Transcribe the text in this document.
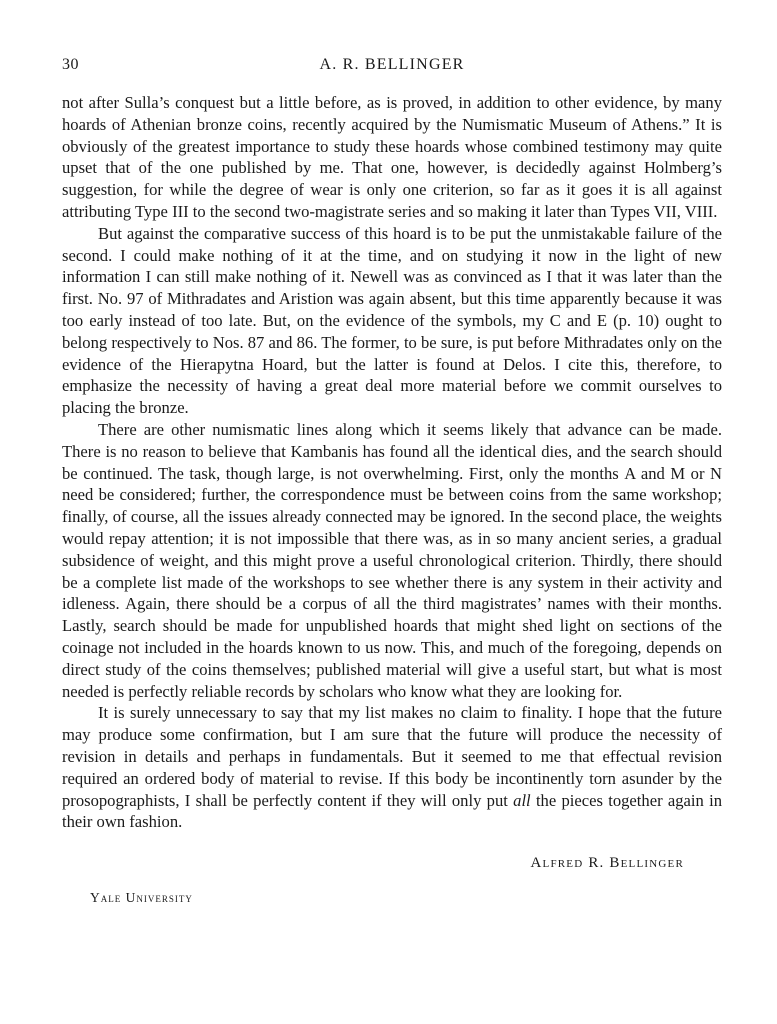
30	A. R. BELLINGER

not after Sulla’s conquest but a little before, as is proved, in addition to other evidence, by many hoards of Athenian bronze coins, recently acquired by the Numismatic Museum of Athens.” It is obviously of the greatest importance to study these hoards whose combined testimony may quite upset that of the one published by me. That one, however, is decidedly against Holmberg’s suggestion, for while the degree of wear is only one criterion, so far as it goes it is all against attributing Type III to the second two-magistrate series and so making it later than Types VII, VIII.

But against the comparative success of this hoard is to be put the unmistakable failure of the second. I could make nothing of it at the time, and on studying it now in the light of new information I can still make nothing of it. Newell was as convinced as I that it was later than the first. No. 97 of Mithradates and Aristion was again absent, but this time apparently because it was too early instead of too late. But, on the evidence of the symbols, my C and E (p. 10) ought to belong respectively to Nos. 87 and 86. The former, to be sure, is put before Mithradates only on the evidence of the Hierapytna Hoard, but the latter is found at Delos. I cite this, therefore, to emphasize the necessity of having a great deal more material before we commit ourselves to placing the bronze.

There are other numismatic lines along which it seems likely that advance can be made. There is no reason to believe that Kambanis has found all the identical dies, and the search should be continued. The task, though large, is not overwhelming. First, only the months Α and Μ or Ν need be considered; further, the correspondence must be between coins from the same workshop; finally, of course, all the issues already connected may be ignored. In the second place, the weights would repay attention; it is not impossible that there was, as in so many ancient series, a gradual subsidence of weight, and this might prove a useful chronological criterion. Thirdly, there should be a complete list made of the workshops to see whether there is any system in their activity and idleness. Again, there should be a corpus of all the third magistrates’ names with their months. Lastly, search should be made for unpublished hoards that might shed light on sections of the coinage not included in the hoards known to us now. This, and much of the foregoing, depends on direct study of the coins themselves; published material will give a useful start, but what is most needed is perfectly reliable records by scholars who know what they are looking for.

It is surely unnecessary to say that my list makes no claim to finality. I hope that the future may produce some confirmation, but I am sure that the future will produce the necessity of revision in details and perhaps in fundamentals. But it seemed to me that effectual revision required an ordered body of material to revise. If this body be incontinently torn asunder by the prosopographists, I shall be perfectly content if they will only put all the pieces together again in their own fashion.

Alfred R. Bellinger
Yale University
